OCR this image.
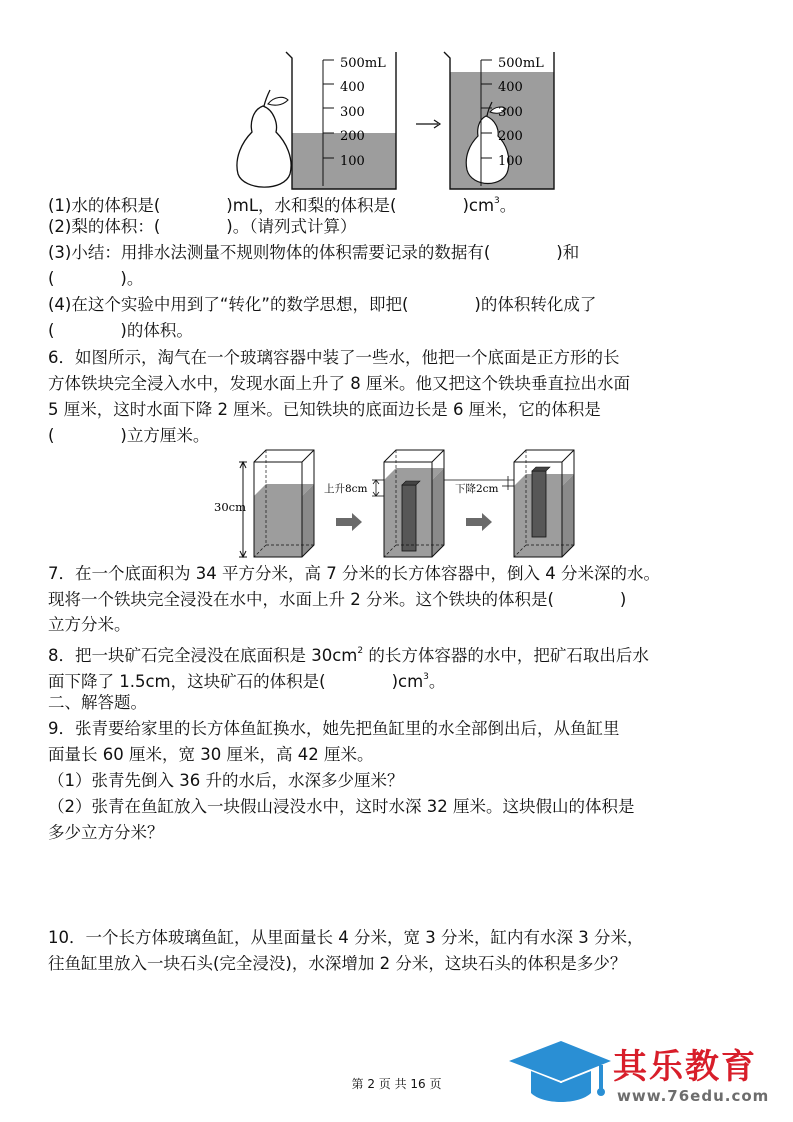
500mL
400
300
200
100
500mL
400
300
200
100
(1)水的体积是(　　　　)mL，水和梨的体积是(　　　　)$cm^3$。
(2)梨的体积：(　　　　)。（请列式计算）
(3)小结：用排水法测量不规则物体的体积需要记录的数据有(　　　　)和
(　　　　)。
(4)在这个实验中用到了“转化”的数学思想，即把(　　　　)的体积转化成了
(　　　　)的体积。
6．如图所示，淘气在一个玻璃容器中装了一些水，他把一个底面是正方形的长
方体铁块完全浸入水中，发现水面上升了 8 厘米。他又把这个铁块垂直拉出水面
5 厘米，这时水面下降 2 厘米。已知铁块的底面边长是 6 厘米，它的体积是
(　　　　)立方厘米。
30cm
上升8cm	下降2cm
7．在一个底面积为 34 平方分米，高 7 分米的长方体容器中，倒入 4 分米深的水。
现将一个铁块完全浸没在水中，水面上升 2 分米。这个铁块的体积是(　　　　)
立方分米。
8．把一块矿石完全浸没在底面积是 $30cm^2$ 的长方体容器的水中，把矿石取出后水
面下降了 1.5cm，这块矿石的体积是(　　　　)$cm^3$。
二、解答题。
9．张青要给家里的长方体鱼缸换水，她先把鱼缸里的水全部倒出后，从鱼缸里
面量长 60 厘米，宽 30 厘米，高 42 厘米。
（1）张青先倒入 36 升的水后，水深多少厘米？
（2）张青在鱼缸放入一块假山浸没水中，这时水深 32 厘米。这块假山的体积是
多少立方分米？
10．一个长方体玻璃鱼缸，从里面量长 4 分米，宽 3 分米，缸内有水深 3 分米，
往鱼缸里放入一块石头(完全浸没)，水深增加 2 分米，这块石头的体积是多少？
第 2 页 共 16 页	其乐教育
www.76edu.com
